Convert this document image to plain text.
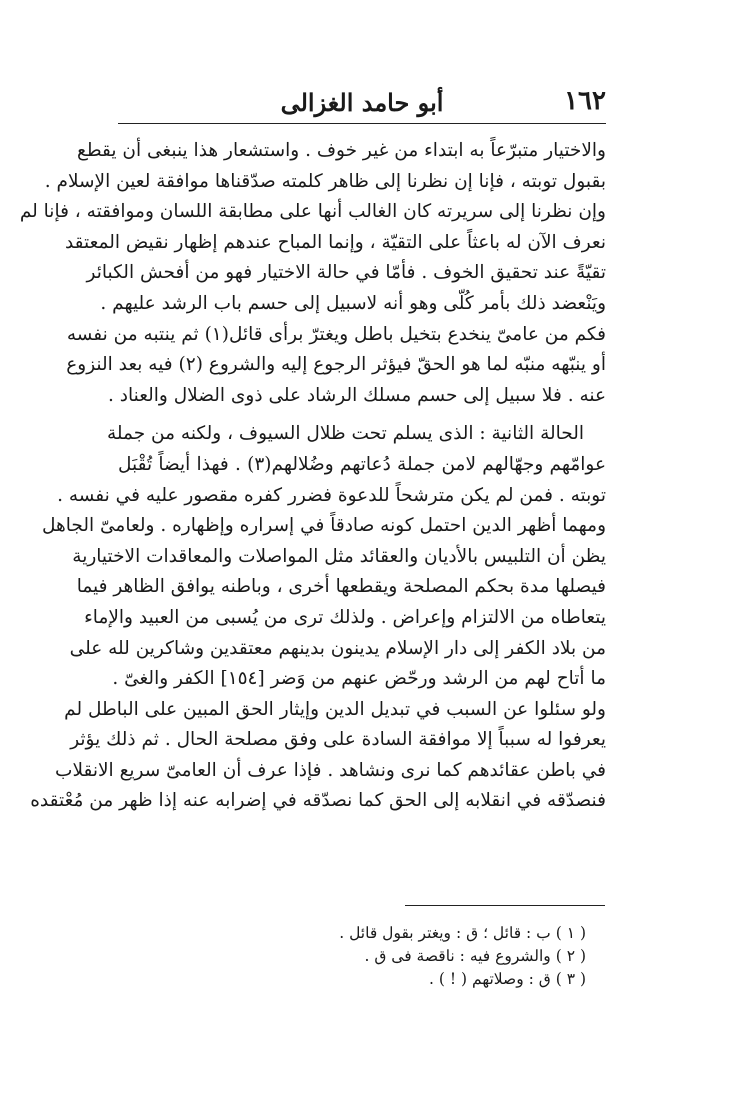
١٦٢
أبو حامد الغزالى
والاختيار متبرّعاً به ابتداء من غير خوف . واستشعار هذا ينبغى أن يقطع
بقبول توبته ، فإنا إن نظرنا إلى ظاهر كلمته صدّقناها موافقة لعين الإسلام .
وإن نظرنا إلى سريرته كان الغالب أنها على مطابقة اللسان وموافقته ، فإنا لم
نعرف الآن له باعثاً على التقيّة ، وإنما المباح عندهم إظهار نقيض المعتقد
تقيّةً عند تحقيق الخوف . فأمّا في حالة الاختيار فهو من أفحش الكبائر
ويَنْعضد ذلك بأمر كُلّى وهو أنه لاسبيل إلى حسم باب الرشد عليهم .
فكم من عامىّ ينخدع بتخيل باطل ويغترّ برأى قائل(١) ثم ينتبه من نفسه
أو ينبّهه منبّه لما هو الحقّ فيؤثر الرجوع إليه والشروع (٢) فيه بعد النزوع
عنه . فلا سبيل إلى حسم مسلك الرشاد على ذوى الضلال والعناد .
الحالة الثانية : الذى يسلم تحت ظلال السيوف ، ولكنه من جملة
عوامّهم وجهّالهم لامن جملة دُعاتهم وضُلالهم(٣) . فهذا أيضاً تُقْبَل
توبته . فمن لم يكن مترشحاً للدعوة فضرر كفره مقصور عليه في نفسه .
ومهما أظهر الدين احتمل كونه صادقاً في إسراره وإظهاره . ولعامىّ الجاهل
يظن أن التلبيس بالأديان والعقائد مثل المواصلات والمعاقدات الاختيارية
فيصلها مدة بحكم المصلحة ويقطعها أخرى ، وباطنه يوافق الظاهر فيما
يتعاطاه من الالتزام وإعراض . ولذلك ترى من يُسبى من العبيد والإماء
من بلاد الكفر إلى دار الإسلام يدينون بدينهم معتقدين وشاكرين لله على
ما أتاح لهم من الرشد ورحّض عنهم من وَضر [١٥٤] الكفر والغىّ .
ولو سئلوا عن السبب في تبديل الدين وإيثار الحق المبين على الباطل لم
يعرفوا له سبباً إلا موافقة السادة على وفق مصلحة الحال . ثم ذلك يؤثر
في باطن عقائدهم كما نرى ونشاهد . فإذا عرف أن العامىّ سريع الانقلاب
فنصدّقه في انقلابه إلى الحق كما نصدّقه في إضرابه عنه إذا ظهر من مُعْتقده
( ١ ) ب : قائل ؛ ق : ويغتر بقول قائل .
( ٢ ) والشروع فيه : ناقصة فى ق .
( ٣ ) ق : وصلاتهم ( ! ) .
